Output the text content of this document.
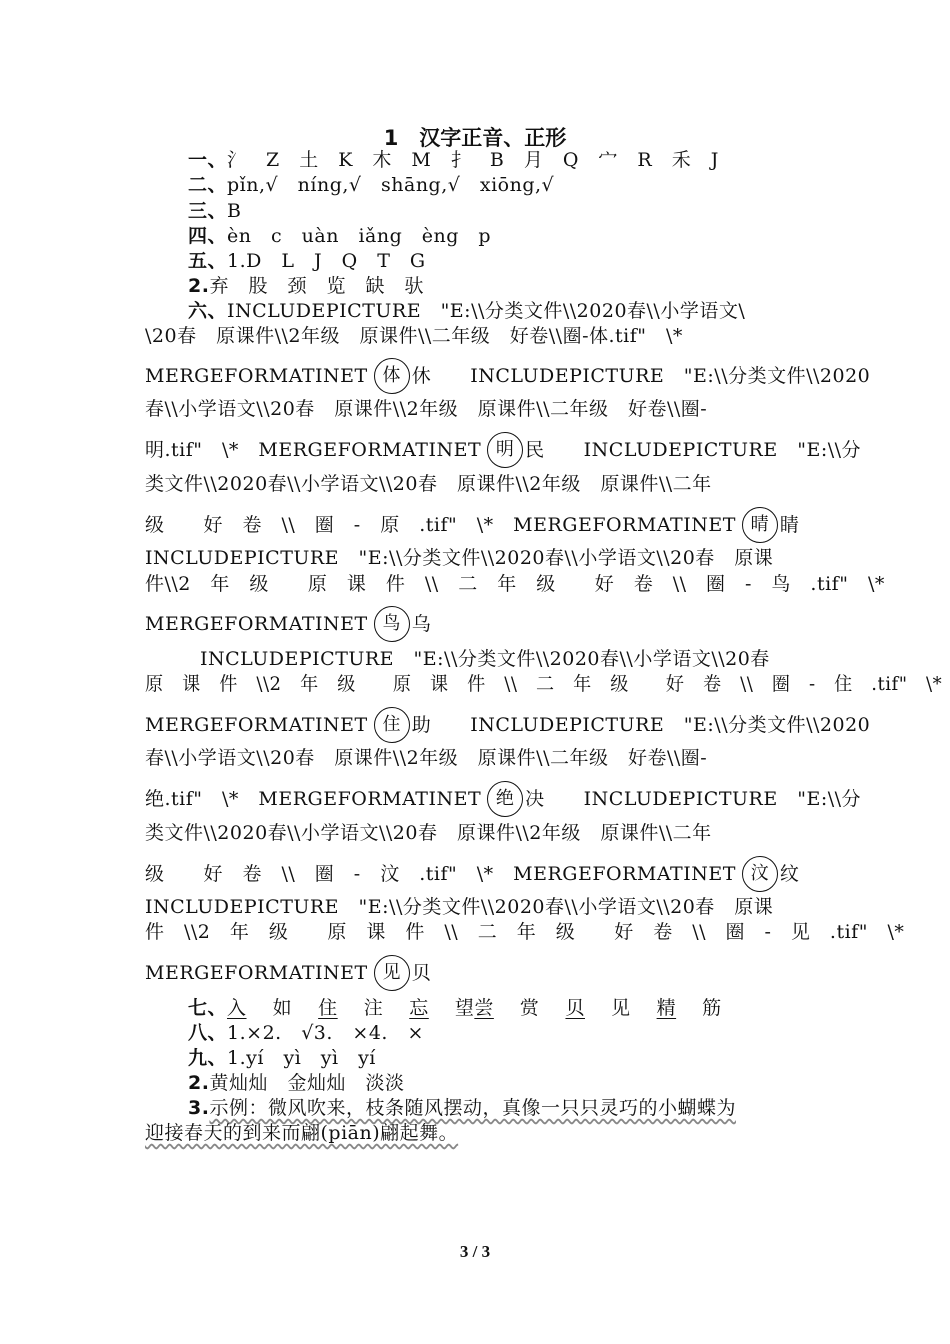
1　汉字正音、正形
一、氵　Z　土　K　木　M　扌　B　月　Q　宀　R　禾　J
二、pǐn,√　níng,√　shāng,√　xiōng,√
三、B
四、èn　c　uàn　iǎng　èng　p
五、1.D　L　J　Q　T　G
2.弃　股　颈　览　缺　驮
六、INCLUDEPICTURE　"E:\\分类文件\\2020春\\小学语文\
\20春　原课件\\2年级　原课件\\二年级　好卷\\圈-体.tif"　\*
MERGEFORMATINET 体 休　　INCLUDEPICTURE　"E:\\分类文件\\2020
春\\小学语文\\20春　原课件\\2年级　原课件\\二年级　好卷\\圈-
明.tif"　\*　MERGEFORMATINET 明 民　　INCLUDEPICTURE　"E:\\分
类文件\\2020春\\小学语文\\20春　原课件\\2年级　原课件\\二年
级　　好　卷　\\　圈　-　原　.tif"　\*　MERGEFORMATINET 晴 睛
INCLUDEPICTURE　"E:\\分类文件\\2020春\\小学语文\\20春　原课
件\\2　年　级　　原　课　件　\\　二　年　级　　好　卷　\\　圈　-　鸟　.tif"　\*
MERGEFORMATINET 鸟 乌
INCLUDEPICTURE　"E:\\分类文件\\2020春\\小学语文\\20春
原　课　件　\\2　年　级　　原　课　件　\\　二　年　级　　好　卷　\\　圈　-　住　.tif"　\*
MERGEFORMATINET 住 助　　INCLUDEPICTURE　"E:\\分类文件\\2020
春\\小学语文\\20春　原课件\\2年级　原课件\\二年级　好卷\\圈-
绝.tif"　\*　MERGEFORMATINET 绝 决　　INCLUDEPICTURE　"E:\\分
类文件\\2020春\\小学语文\\20春　原课件\\2年级　原课件\\二年
级　　好　卷　\\　圈　-　汶　.tif"　\*　MERGEFORMATINET 汶 纹
INCLUDEPICTURE　"E:\\分类文件\\2020春\\小学语文\\20春　原课
件　\\2　年　级　　原　课　件　\\　二　年　级　　好　卷　\\　圈　-　见　.tif"　\*
MERGEFORMATINET 见 贝
七、入　 如　 住　 注　 忘　 望尝　 赏　 贝　 见　 精　 筋
八、1.×2.　√3.　×4.　×
九、1.yí　yì　yì　yí
2.黄灿灿　金灿灿　淡淡
3.示例：微风吹来，枝条随风摆动，真像一只只灵巧的小蝴蝶为
迎接春天的到来而翩(piān)翩起舞。
3 / 3
